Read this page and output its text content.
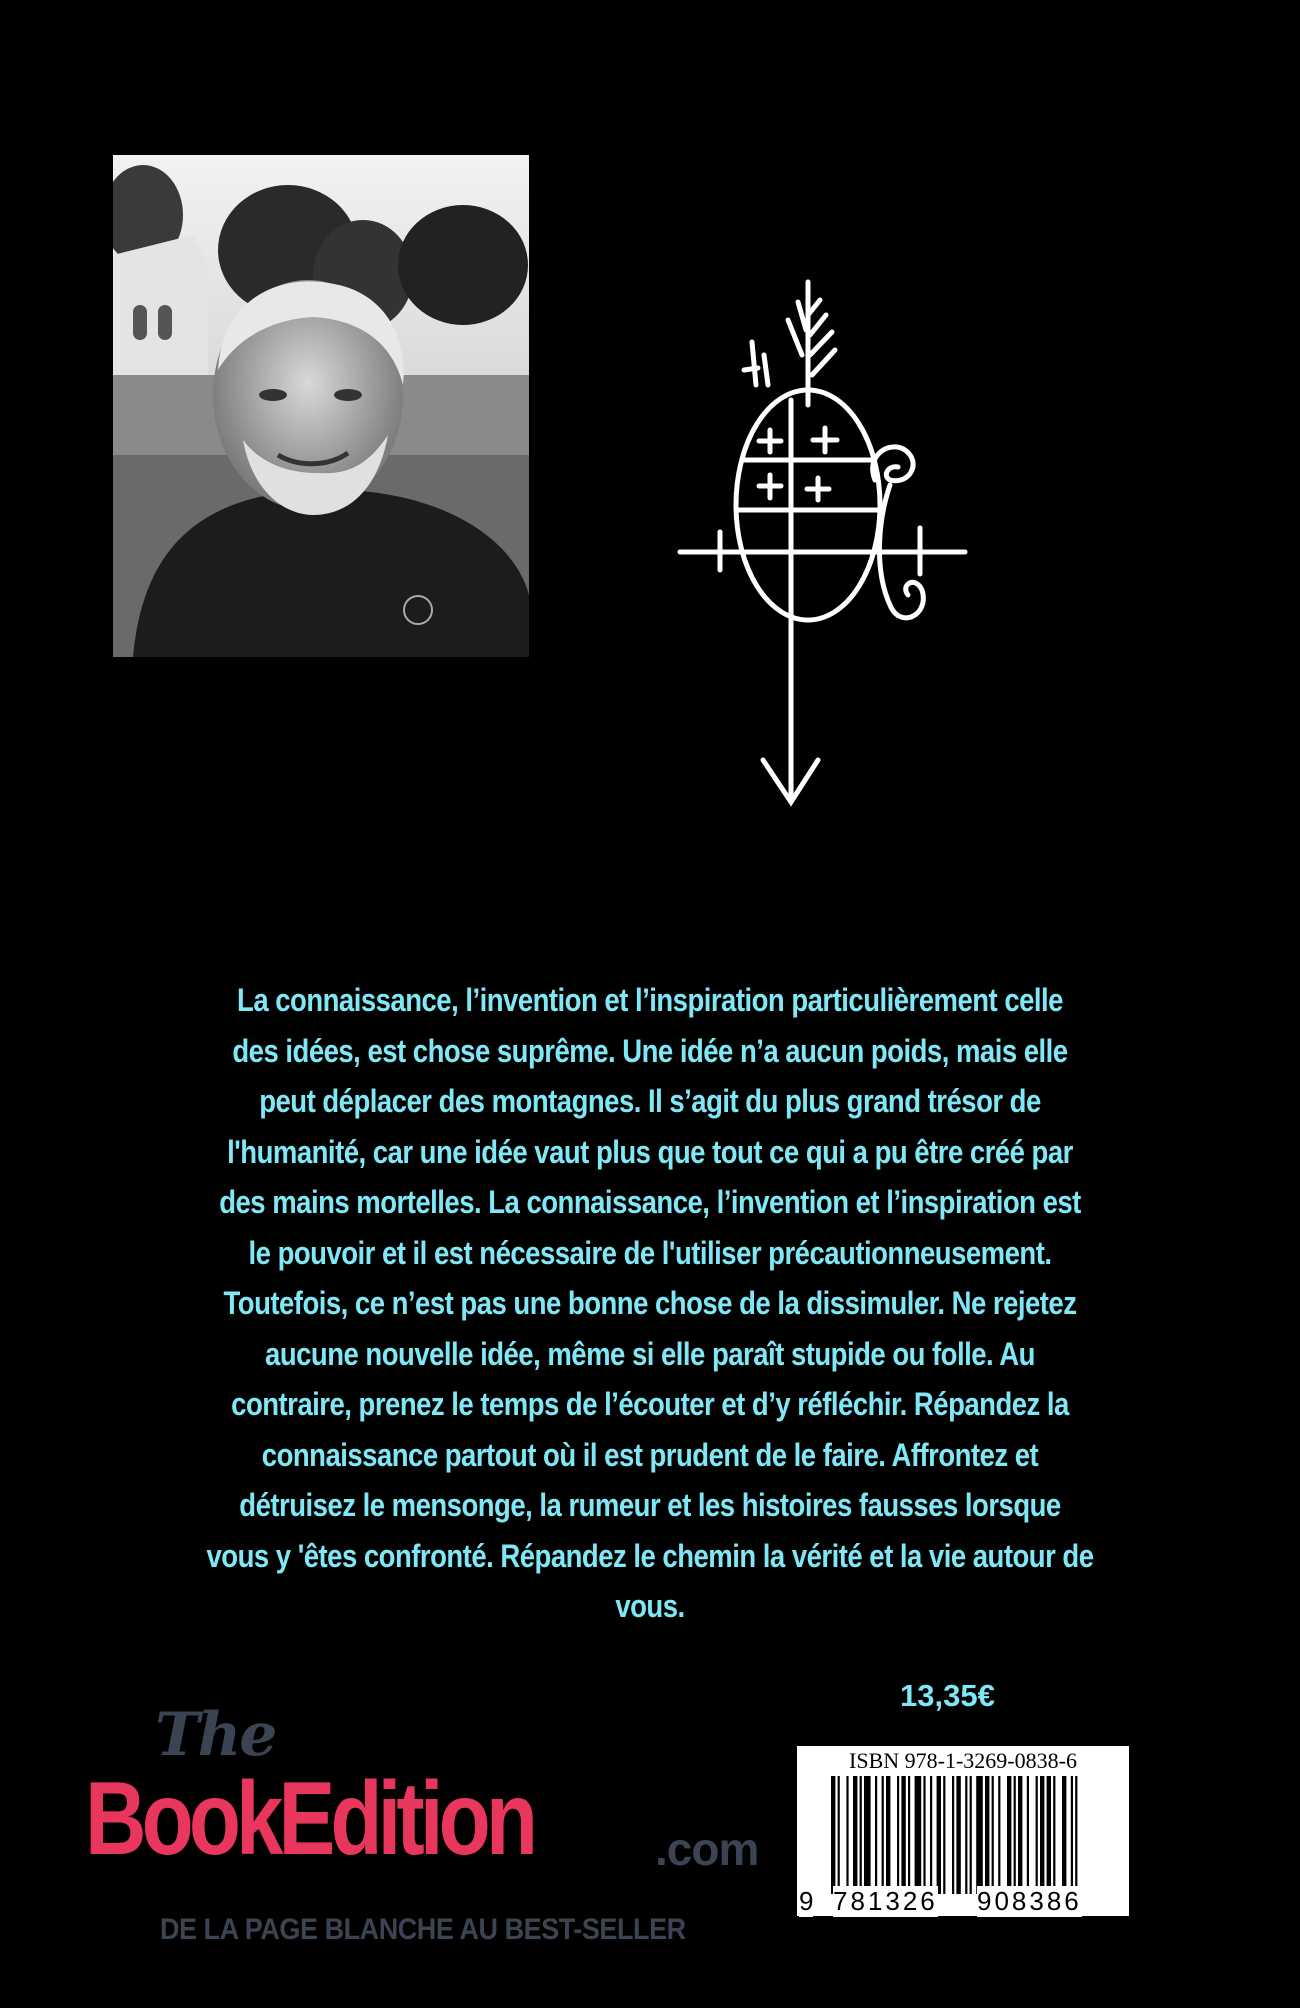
La connaissance, l’invention et l’inspiration particulièrement celle
des idées, est chose suprême. Une idée n’a aucun poids, mais elle
peut déplacer des montagnes. Il s’agit du plus grand trésor de
l'humanité, car une idée vaut plus que tout ce qui a pu être créé par
des mains mortelles. La connaissance, l’invention et l’inspiration est
le pouvoir et il est nécessaire de l'utiliser précautionneusement.
Toutefois, ce n’est pas une bonne chose de la dissimuler. Ne rejetez
aucune nouvelle idée, même si elle paraît stupide ou folle. Au
contraire, prenez le temps de l’écouter et d’y réfléchir. Répandez la
connaissance partout où il est prudent de le faire. Affrontez et
détruisez le mensonge, la rumeur et les histoires fausses lorsque
vous y 'êtes confronté. Répandez le chemin la vérité et la vie autour de
vous.
13,35€
The
BookEdition	.com
DE LA PAGE BLANCHE AU BEST-SELLER
ISBN 978-1-3269-0838-6
9 781326 908386
